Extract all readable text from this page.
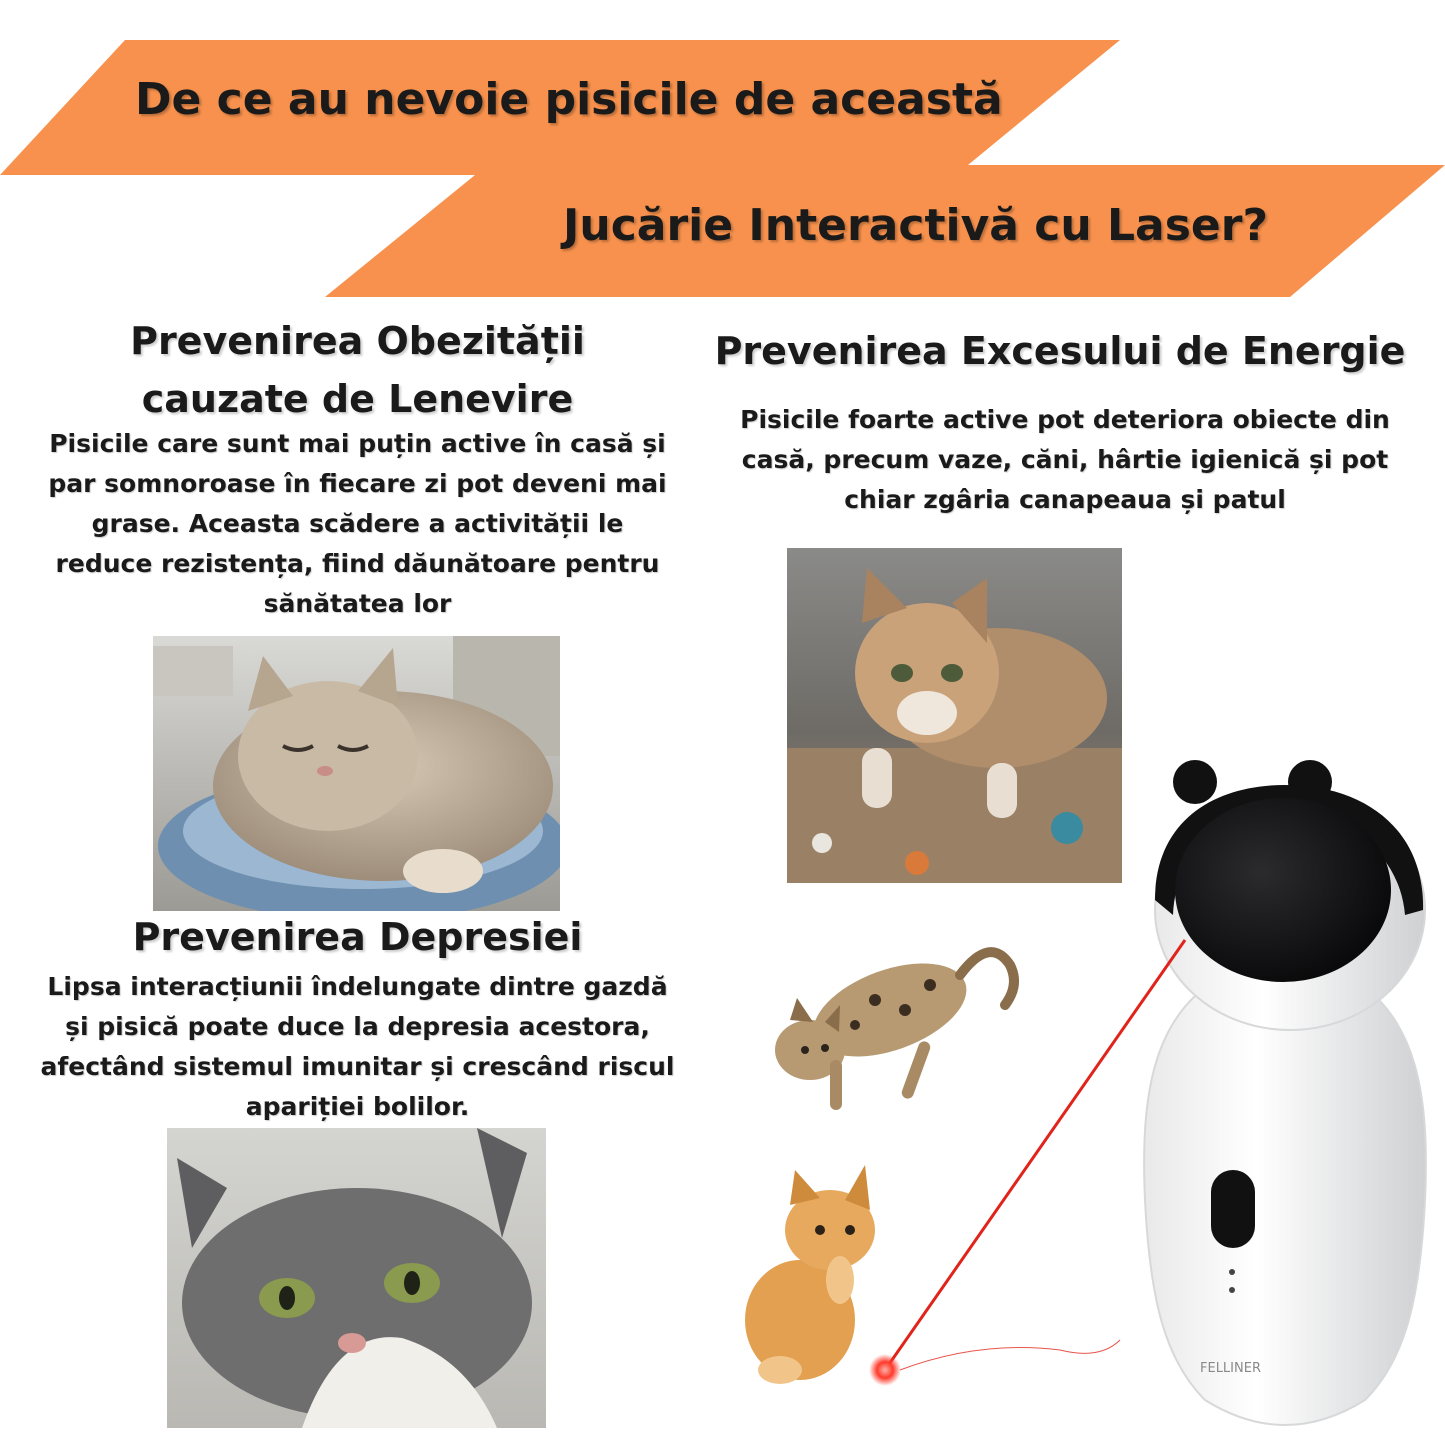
De ce au nevoie pisicile de această
Jucărie Interactivă cu Laser?
Prevenirea Obezității cauzate de Lenevire

Pisicile care sunt mai puțin active în casă și par somnoroase în fiecare zi pot deveni mai grase. Aceasta scădere a activității le reduce rezistența, fiind dăunătoare pentru sănătatea lor

Prevenirea Excesului de Energie

Pisicile foarte active pot deteriora obiecte din casă, precum vaze, căni, hârtie igienică și pot chiar zgâria canapeaua și patul

Prevenirea Depresiei

Lipsa interacțiunii îndelungate dintre gazdă și pisică poate duce la depresia acestora, afectând sistemul imunitar și crescând riscul apariției bolilor.

FELLINER
